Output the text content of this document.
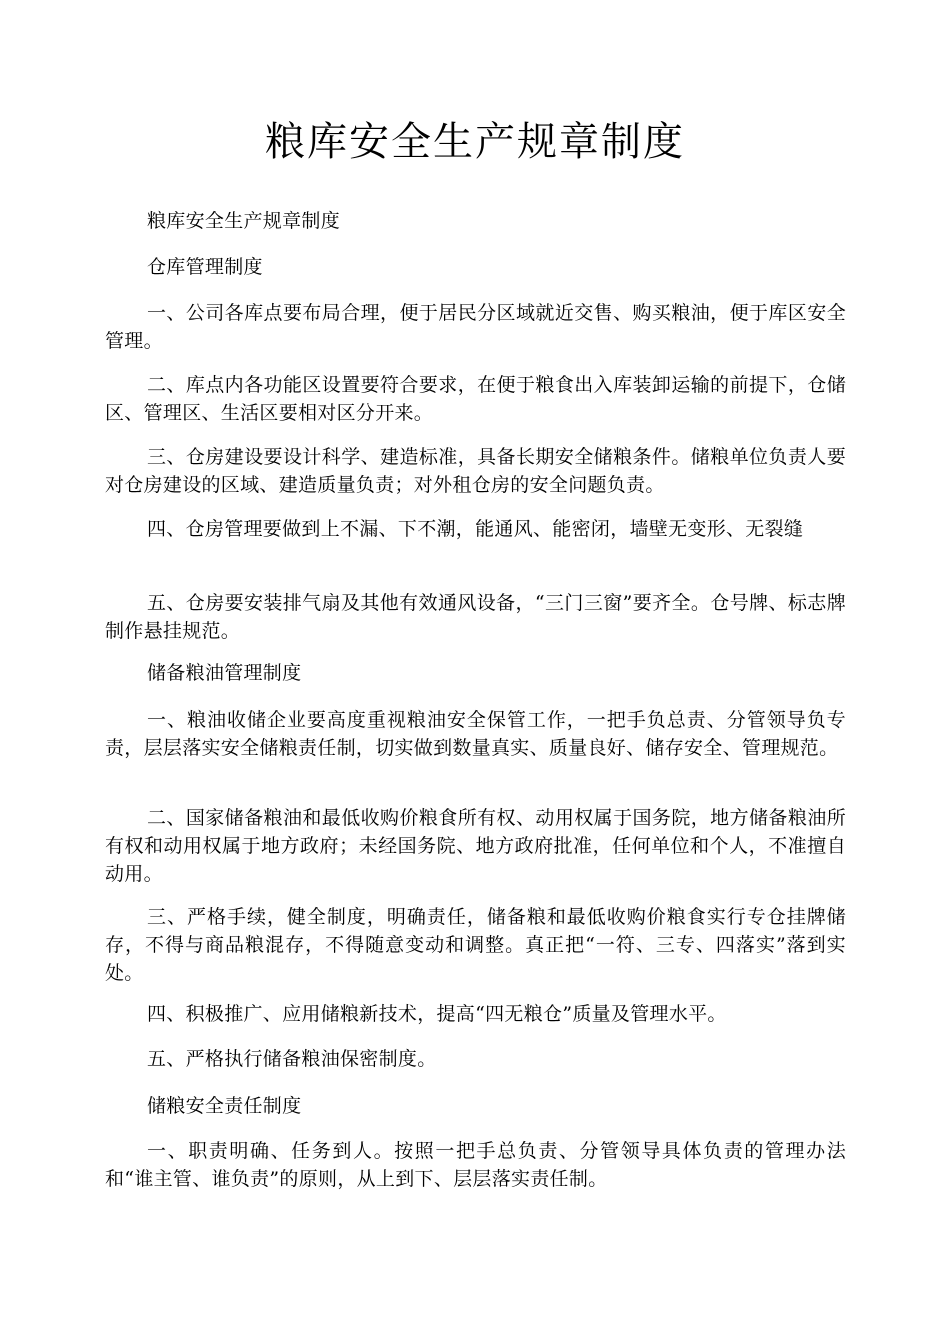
粮库安全生产规章制度

粮库安全生产规章制度

仓库管理制度

一、公司各库点要布局合理，便于居民分区域就近交售、购买粮油，便于库区安全管理。

二、库点内各功能区设置要符合要求，在便于粮食出入库装卸运输的前提下，仓储区、管理区、生活区要相对区分开来。

三、仓房建设要设计科学、建造标准，具备长期安全储粮条件。储粮单位负责人要对仓房建设的区域、建造质量负责；对外租仓房的安全问题负责。

四、仓房管理要做到上不漏、下不潮，能通风、能密闭，墙壁无变形、无裂缝

五、仓房要安装排气扇及其他有效通风设备，“三门三窗”要齐全。仓号牌、标志牌制作悬挂规范。

储备粮油管理制度

一、粮油收储企业要高度重视粮油安全保管工作，一把手负总责、分管领导负专责，层层落实安全储粮责任制，切实做到数量真实、质量良好、储存安全、管理规范。

二、国家储备粮油和最低收购价粮食所有权、动用权属于国务院，地方储备粮油所有权和动用权属于地方政府；未经国务院、地方政府批准，任何单位和个人，不准擅自动用。

三、严格手续，健全制度，明确责任，储备粮和最低收购价粮食实行专仓挂牌储存，不得与商品粮混存，不得随意变动和调整。真正把“一符、三专、四落实”落到实处。

四、积极推广、应用储粮新技术，提高“四无粮仓”质量及管理水平。

五、严格执行储备粮油保密制度。

储粮安全责任制度

一、职责明确、任务到人。按照一把手总负责、分管领导具体负责的管理办法和“谁主管、谁负责”的原则，从上到下、层层落实责任制。
